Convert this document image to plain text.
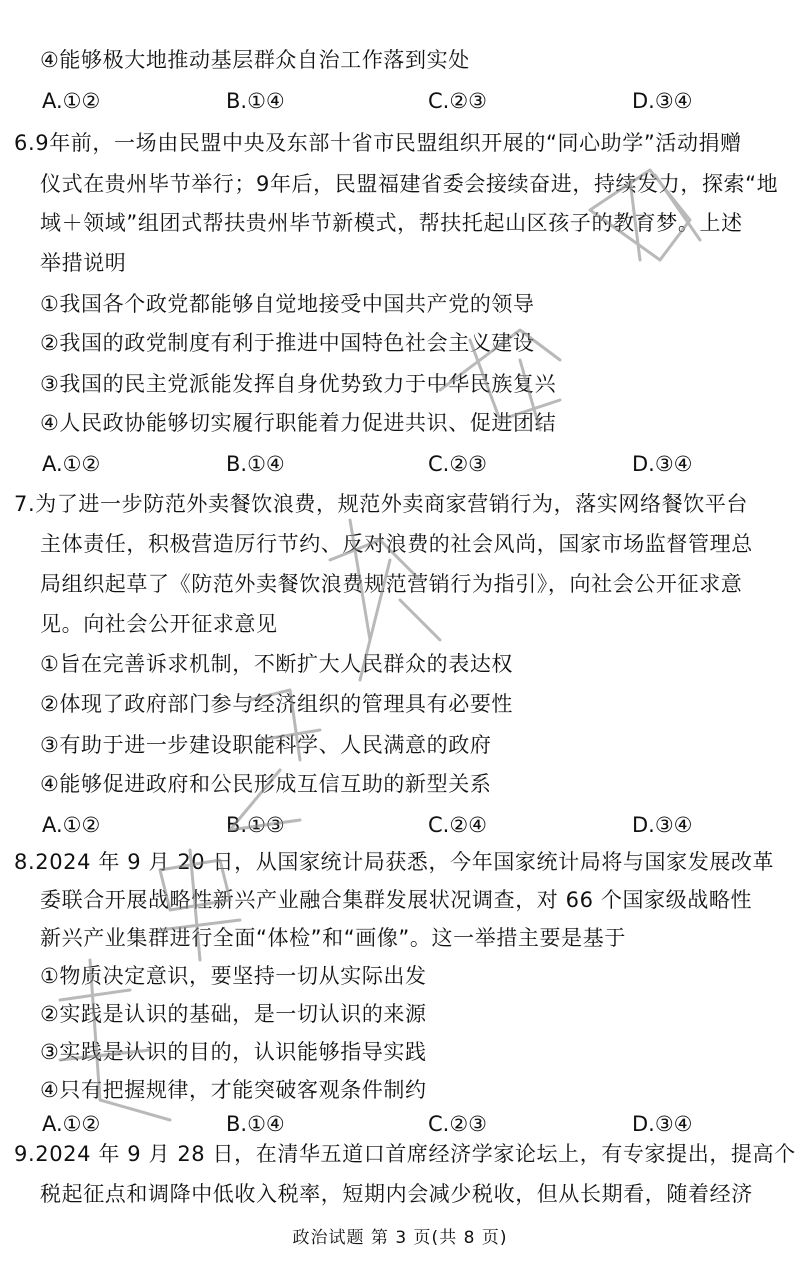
④能够极大地推动基层群众自治工作落到实处
A.①②	B.①④	C.②③	D.③④
6.9年前，一场由民盟中央及东部十省市民盟组织开展的“同心助学”活动捐赠
仪式在贵州毕节举行；9年后，民盟福建省委会接续奋进，持续发力，探索“地
域＋领域”组团式帮扶贵州毕节新模式，帮扶托起山区孩子的教育梦。上述
举措说明
①我国各个政党都能够自觉地接受中国共产党的领导
②我国的政党制度有利于推进中国特色社会主义建设
③我国的民主党派能发挥自身优势致力于中华民族复兴
④人民政协能够切实履行职能着力促进共识、促进团结
A.①②	B.①④	C.②③	D.③④
7.为了进一步防范外卖餐饮浪费，规范外卖商家营销行为，落实网络餐饮平台
主体责任，积极营造厉行节约、反对浪费的社会风尚，国家市场监督管理总
局组织起草了《防范外卖餐饮浪费规范营销行为指引》，向社会公开征求意
见。向社会公开征求意见
①旨在完善诉求机制，不断扩大人民群众的表达权
②体现了政府部门参与经济组织的管理具有必要性
③有助于进一步建设职能科学、人民满意的政府
④能够促进政府和公民形成互信互助的新型关系
A.①②	B.①③	C.②④	D.③④
8.2024 年 9 月 20 日，从国家统计局获悉，今年国家统计局将与国家发展改革
委联合开展战略性新兴产业融合集群发展状况调查，对 66 个国家级战略性
新兴产业集群进行全面“体检”和“画像”。这一举措主要是基于
①物质决定意识，要坚持一切从实际出发
②实践是认识的基础，是一切认识的来源
③实践是认识的目的，认识能够指导实践
④只有把握规律，才能突破客观条件制约
A.①②	B.①④	C.②③	D.③④
政治试题 第 3 页(共 8 页)
9.2024 年 9 月 28 日，在清华五道口首席经济学家论坛上，有专家提出，提高个
税起征点和调降中低收入税率，短期内会减少税收，但从长期看，随着经济
